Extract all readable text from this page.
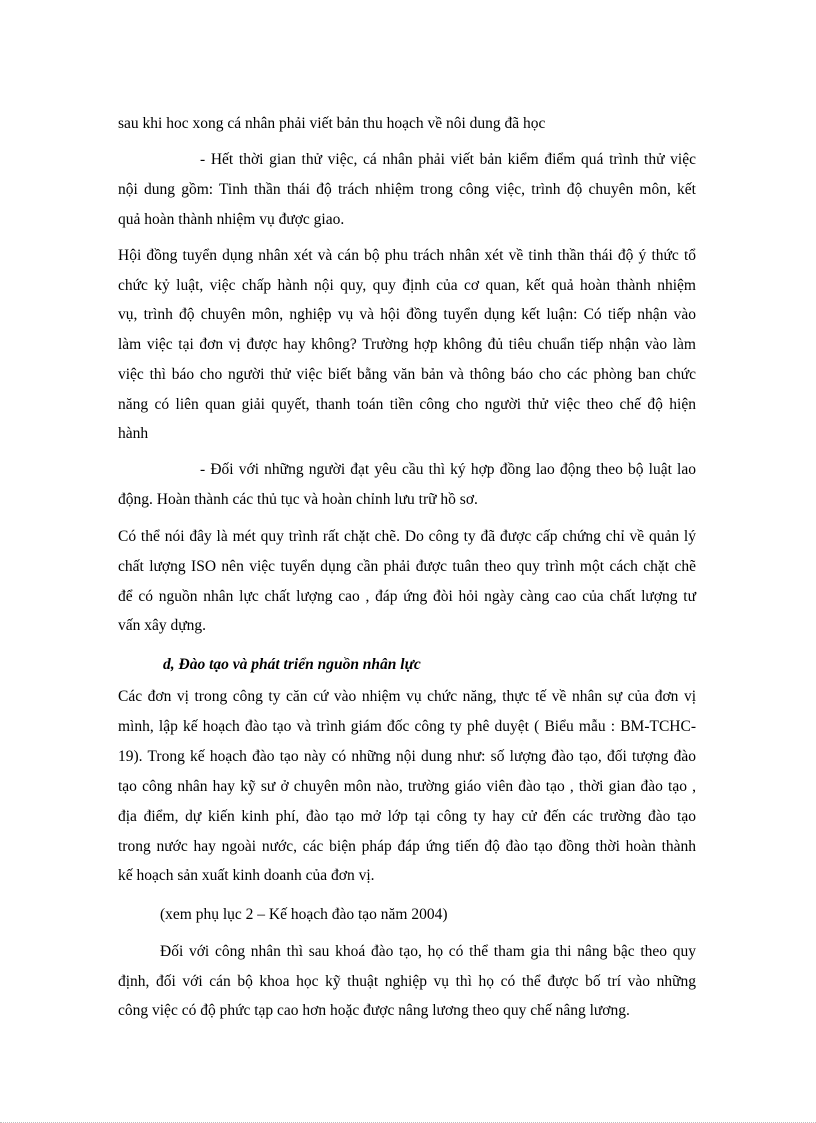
sau khi hoc xong cá nhân phải viết bản thu hoạch về nôi dung đã học
- Hết thời gian thử việc, cá nhân phải viết bản kiểm điểm quá trình thử việc
nội dung gồm: Tinh thần thái độ trách nhiệm trong công việc, trình độ chuyên môn, kết
quả hoàn thành nhiệm vụ được giao.
Hội đồng tuyển dụng nhân xét và cán bộ phu trách nhân xét về tinh thần thái độ ý thức tổ
chức kỷ luật, việc chấp hành nội quy, quy định của cơ quan, kết quả hoàn thành nhiệm
vụ, trình độ chuyên môn, nghiệp vụ và hội đồng tuyển dụng kết luận: Có tiếp nhận vào
làm việc tại đơn vị được hay không? Trường hợp không đủ tiêu chuẩn tiếp nhận vào làm
việc thì báo cho người thử việc biết bằng văn bản và thông báo cho các phòng ban chức
năng có liên quan giải quyết, thanh toán tiền công cho người thử việc theo chế độ hiện
hành
- Đối với những người đạt yêu cầu thì ký hợp đồng lao động theo bộ luật lao
động. Hoàn thành các thủ tục và hoàn chỉnh lưu trữ hồ sơ.
Có thể nói đây là mét quy trình rất chặt chẽ. Do công ty đã được cấp chứng chỉ về quản lý
chất lượng ISO nên việc tuyển dụng cần phải được tuân theo quy trình một cách chặt chẽ
để có nguồn nhân lực chất lượng cao , đáp ứng đòi hỏi ngày càng cao của chất lượng tư
vấn xây dựng.
d, Đào tạo và phát triển nguồn nhân lực
Các đơn vị trong công ty căn cứ vào nhiệm vụ chức năng, thực tế về nhân sự của đơn vị
mình, lập kế hoạch đào tạo và trình giám đốc công ty phê duyệt ( Biểu mẫu : BM-TCHC-
19). Trong kế hoạch đào tạo này có những nội dung như: số lượng đào tạo, đối tượng đào
tạo công nhân hay kỹ sư ở chuyên môn nào, trường giáo viên đào tạo , thời gian đào tạo ,
địa điểm, dự kiến kinh phí, đào tạo mở lớp tại công ty hay cử đến các trường đào tạo
trong nước hay ngoài nước, các biện pháp đáp ứng tiến độ đào tạo đồng thời hoàn thành
kế hoạch sản xuất kinh doanh của đơn vị.
(xem phụ lục 2 – Kế hoạch đào tạo năm 2004)
Đối với công nhân thì sau khoá đào tạo, họ có thể tham gia thi nâng bậc theo quy
định, đối với cán bộ khoa học kỹ thuật nghiệp vụ thì họ có thể được bố trí vào những
công việc có độ phức tạp cao hơn hoặc được nâng lương theo quy chế nâng lương.
